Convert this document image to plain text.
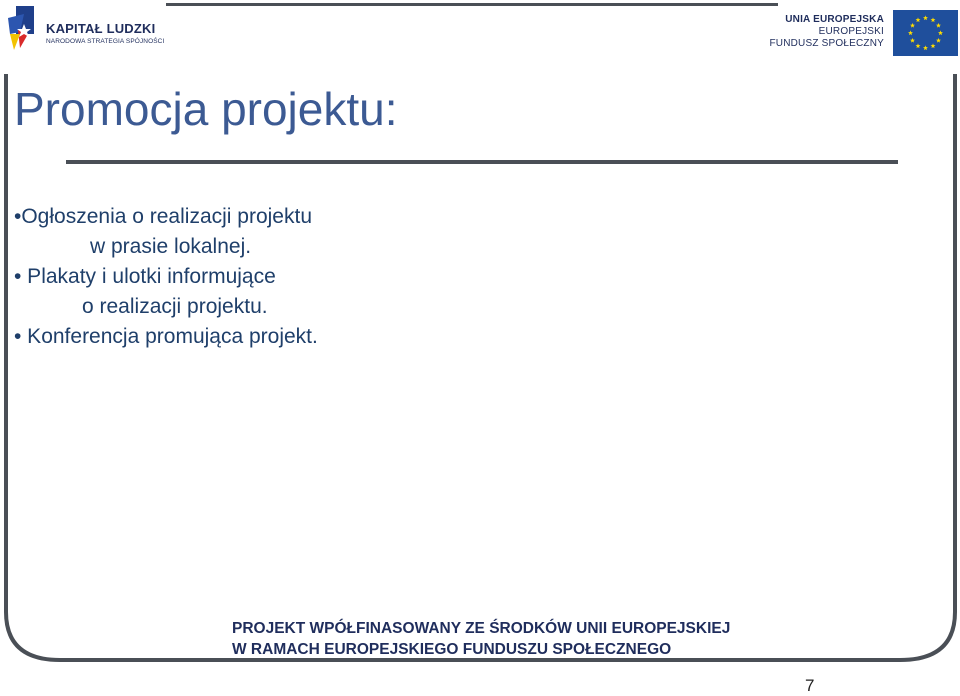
KAPITAŁ LUDZKI
NARODOWA STRATEGIA SPÓJNOŚCI
UNIA EUROPEJSKA
EUROPEJSKI
FUNDUSZ SPOŁECZNY
Promocja projektu:
•Ogłoszenia o realizacji projektu
w prasie lokalnej.
• Plakaty i ulotki informujące
o realizacji projektu.
• Konferencja promująca projekt.
PROJEKT WPÓŁFINASOWANY ZE ŚRODKÓW UNII EUROPEJSKIEJ
W RAMACH EUROPEJSKIEGO FUNDUSZU SPOŁECZNEGO
7
